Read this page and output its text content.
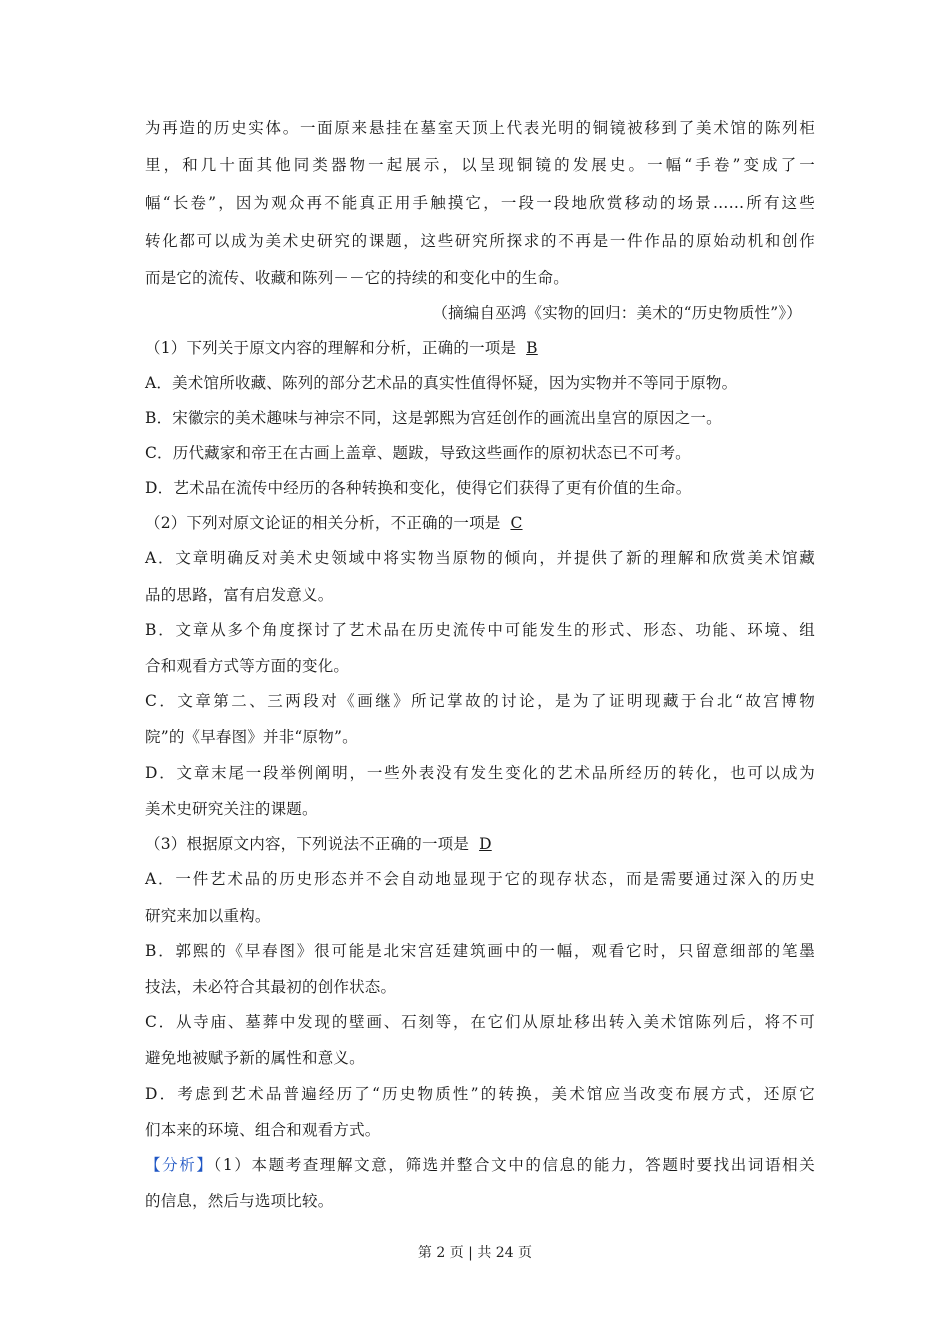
为再造的历史实体。一面原来悬挂在墓室天顶上代表光明的铜镜被移到了美术馆的陈列柜
里，和几十面其他同类器物一起展示，以呈现铜镜的发展史。一幅“手卷”变成了一
幅“长卷”，因为观众再不能真正用手触摸它，一段一段地欣赏移动的场景……所有这些
转化都可以成为美术史研究的课题，这些研究所探求的不再是一件作品的原始动机和创作
而是它的流传、收藏和陈列－－它的持续的和变化中的生命。
（摘编自巫鸿《实物的回归：美术的“历史物质性”》）
（1）下列关于原文内容的理解和分析，正确的一项是 B
A．美术馆所收藏、陈列的部分艺术品的真实性值得怀疑，因为实物并不等同于原物。
B．宋徽宗的美术趣味与神宗不同，这是郭熙为宫廷创作的画流出皇宫的原因之一。
C．历代藏家和帝王在古画上盖章、题跋，导致这些画作的原初状态已不可考。
D．艺术品在流传中经历的各种转换和变化，使得它们获得了更有价值的生命。
（2）下列对原文论证的相关分析，不正确的一项是 C
A．文章明确反对美术史领域中将实物当原物的倾向，并提供了新的理解和欣赏美术馆藏
品的思路，富有启发意义。
B．文章从多个角度探讨了艺术品在历史流传中可能发生的形式、形态、功能、环境、组
合和观看方式等方面的变化。
C．文章第二、三两段对《画继》所记掌故的讨论，是为了证明现藏于台北“故宫博物
院”的《早春图》并非“原物”。
D．文章末尾一段举例阐明，一些外表没有发生变化的艺术品所经历的转化，也可以成为
美术史研究关注的课题。
（3）根据原文内容，下列说法不正确的一项是 D
A．一件艺术品的历史形态并不会自动地显现于它的现存状态，而是需要通过深入的历史
研究来加以重构。
B．郭熙的《早春图》很可能是北宋宫廷建筑画中的一幅，观看它时，只留意细部的笔墨
技法，未必符合其最初的创作状态。
C．从寺庙、墓葬中发现的壁画、石刻等，在它们从原址移出转入美术馆陈列后，将不可
避免地被赋予新的属性和意义。
D．考虑到艺术品普遍经历了“历史物质性”的转换，美术馆应当改变布展方式，还原它
们本来的环境、组合和观看方式。
【分析】（1）本题考查理解文意，筛选并整合文中的信息的能力，答题时要找出词语相关
的信息，然后与选项比较。
第 2 页 | 共 24 页
